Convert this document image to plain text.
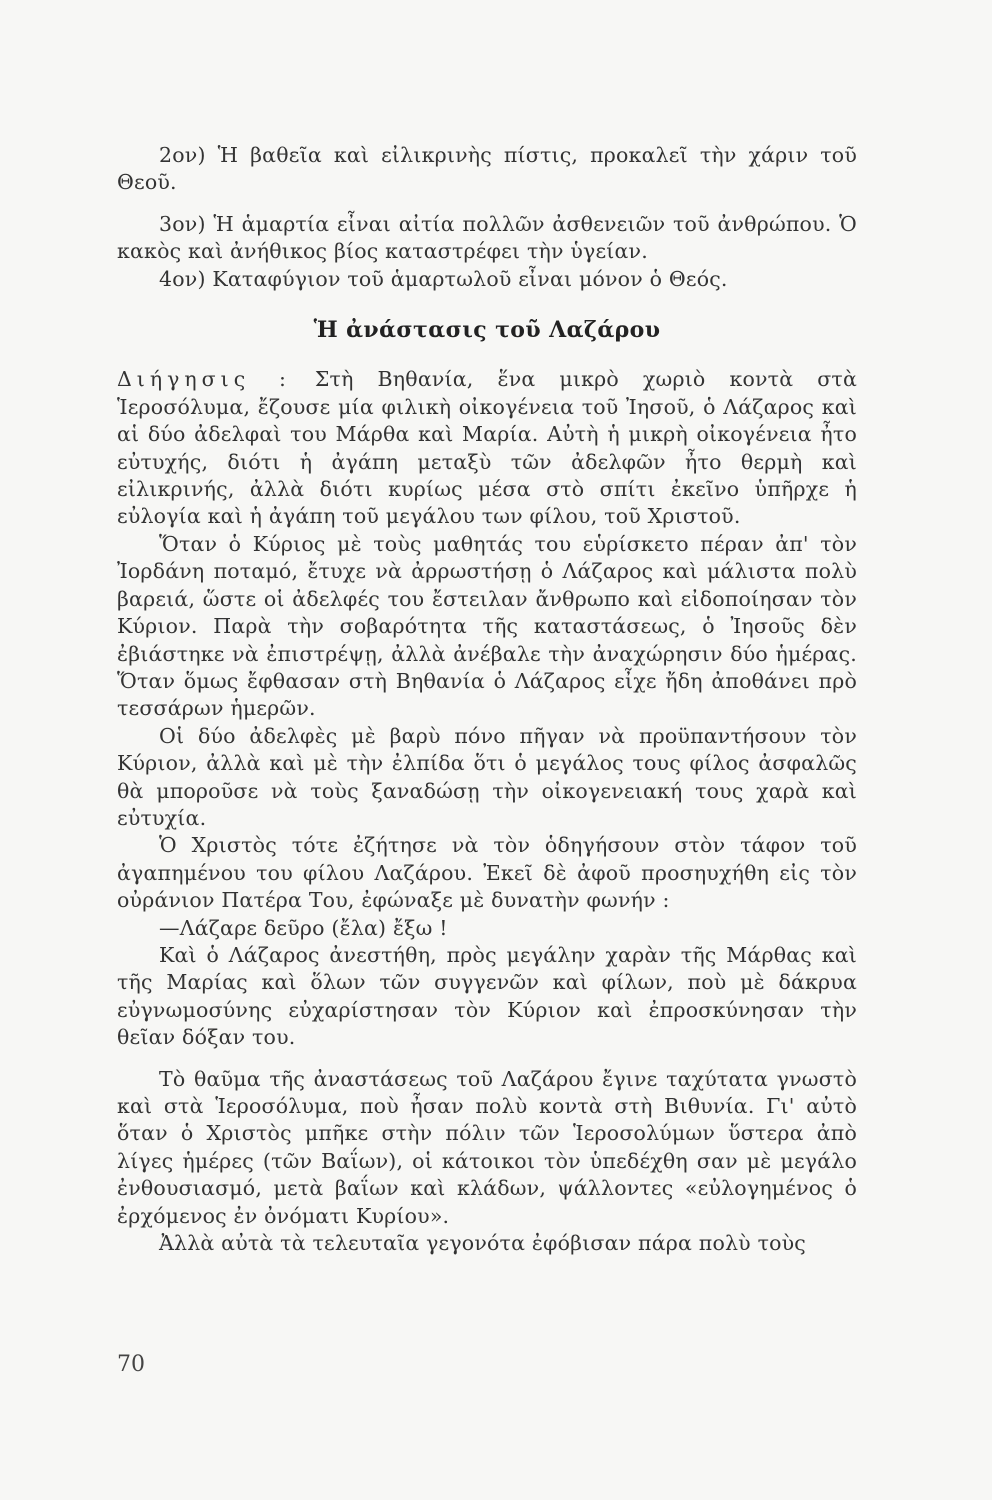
2ον) Ἡ βαθεῖα καὶ εἰλικρινὴς πίστις, προκαλεῖ τὴν χάριν τοῦ Θεοῦ.

3ον) Ἡ ἁμαρτία εἶναι αἰτία πολλῶν ἀσθενειῶν τοῦ ἀνθρώπου. Ὁ κακὸς καὶ ἀνήθικος βίος καταστρέφει τὴν ὑγείαν.

4ον) Καταφύγιον τοῦ ἁμαρτωλοῦ εἶναι μόνον ὁ Θεός.

Ἡ ἀνάστασις τοῦ Λαζάρου

Διήγησις : Στὴ Βηθανία, ἕνα μικρὸ χωριὸ κοντὰ στὰ Ἱεροσόλυμα, ἔζουσε μία φιλικὴ οἰκογένεια τοῦ Ἰησοῦ, ὁ Λάζαρος καὶ αἱ δύο ἀδελφαὶ του Μάρθα καὶ Μαρία. Αὐτὴ ἡ μικρὴ οἰκογένεια ἦτο εὐτυχής, διότι ἡ ἀγάπη μεταξὺ τῶν ἀδελφῶν ἦτο θερμὴ καὶ εἰλικρινής, ἀλλὰ διότι κυρίως μέσα στὸ σπίτι ἐκεῖνο ὑπῆρχε ἡ εὐλογία καὶ ἡ ἀγάπη τοῦ μεγάλου των φίλου, τοῦ Χριστοῦ.

Ὅταν ὁ Κύριος μὲ τοὺς μαθητάς του εὑρίσκετο πέραν ἀπ' τὸν Ἰορδάνη ποταμό, ἔτυχε νὰ ἀρρωστήσῃ ὁ Λάζαρος καὶ μάλιστα πολὺ βαρειά, ὥστε οἱ ἀδελφές του ἔστειλαν ἄνθρωπο καὶ εἰδοποίησαν τὸν Κύριον. Παρὰ τὴν σοβαρότητα τῆς καταστάσεως, ὁ Ἰησοῦς δὲν ἐβιάστηκε νὰ ἐπιστρέψῃ, ἀλλὰ ἀνέβαλε τὴν ἀναχώρησιν δύο ἡμέρας. Ὅταν ὅμως ἔφθασαν στὴ Βηθανία ὁ Λάζαρος εἶχε ἤδη ἀποθάνει πρὸ τεσσάρων ἡμερῶν.

Οἱ δύο ἀδελφὲς μὲ βαρὺ πόνο πῆγαν νὰ προϋπαντήσουν τὸν Κύριον, ἀλλὰ καὶ μὲ τὴν ἐλπίδα ὅτι ὁ μεγάλος τους φίλος ἀσφαλῶς θὰ μποροῦσε νὰ τοὺς ξαναδώσῃ τὴν οἰκογενειακή τους χαρὰ καὶ εὐτυχία.

Ὁ Χριστὸς τότε ἐζήτησε νὰ τὸν ὁδηγήσουν στὸν τάφον τοῦ ἀγαπημένου του φίλου Λαζάρου. Ἐκεῖ δὲ ἀφοῦ προσηυχήθη εἰς τὸν οὐράνιον Πατέρα Του, ἐφώναξε μὲ δυνατὴν φωνήν :

—Λάζαρε δεῦρο (ἔλα) ἔξω !

Καὶ ὁ Λάζαρος ἀνεστήθη, πρὸς μεγάλην χαρὰν τῆς Μάρθας καὶ τῆς Μαρίας καὶ ὅλων τῶν συγγενῶν καὶ φίλων, ποὺ μὲ δάκρυα εὐγνωμοσύνης εὐχαρίστησαν τὸν Κύριον καὶ ἐπροσκύνησαν τὴν θεῖαν δόξαν του.

Τὸ θαῦμα τῆς ἀναστάσεως τοῦ Λαζάρου ἔγινε ταχύτατα γνωστὸ καὶ στὰ Ἱεροσόλυμα, ποὺ ἦσαν πολὺ κοντὰ στὴ Βιθυνία. Γι' αὐτὸ ὅταν ὁ Χριστὸς μπῆκε στὴν πόλιν τῶν Ἱεροσολύμων ὕστερα ἀπὸ λίγες ἡμέρες (τῶν Βαΐων), οἱ κάτοικοι τὸν ὑπεδέχθη σαν μὲ μεγάλο ἐνθουσιασμό, μετὰ βαΐων καὶ κλάδων, ψάλλοντες «εὐλογημένος ὁ ἐρχόμενος ἐν ὀνόματι Κυρίου».

Ἀλλὰ αὐτὰ τὰ τελευταῖα γεγονότα ἐφόβισαν πάρα πολὺ τοὺς

70
